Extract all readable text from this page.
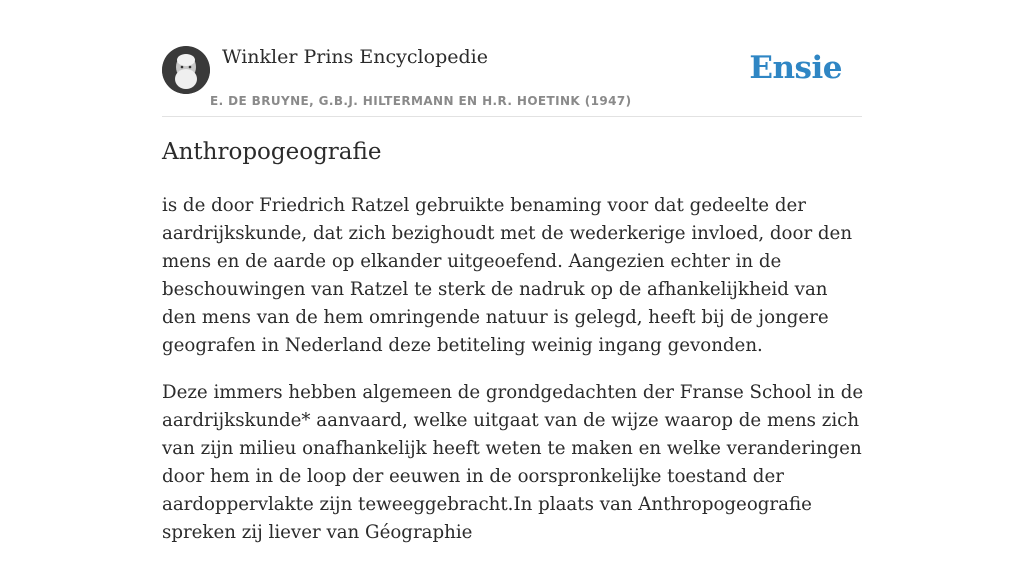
Winkler Prins Encyclopedie
E. DE BRUYNE, G.B.J. HILTERMANN EN H.R. HOETINK (1947)
Ensie
Anthropogeografie

is de door Friedrich Ratzel gebruikte benaming voor dat gedeelte der aardrijkskunde, dat zich bezighoudt met de wederkerige invloed, door den mens en de aarde op elkander uitgeoefend. Aangezien echter in de beschouwingen van Ratzel te sterk de nadruk op de afhankelijkheid van den mens van de hem omringende natuur is gelegd, heeft bij de jongere geografen in Nederland deze betiteling weinig ingang gevonden.

Deze immers hebben algemeen de grondgedachten der Franse School in de aardrijkskunde* aanvaard, welke uitgaat van de wijze waarop de mens zich van zijn milieu onafhankelijk heeft weten te maken en welke veranderingen door hem in de loop der eeuwen in de oorspronkelijke toestand der aardoppervlakte zijn teweeggebracht.In plaats van Anthropogeografie spreken zij liever van Géographie
